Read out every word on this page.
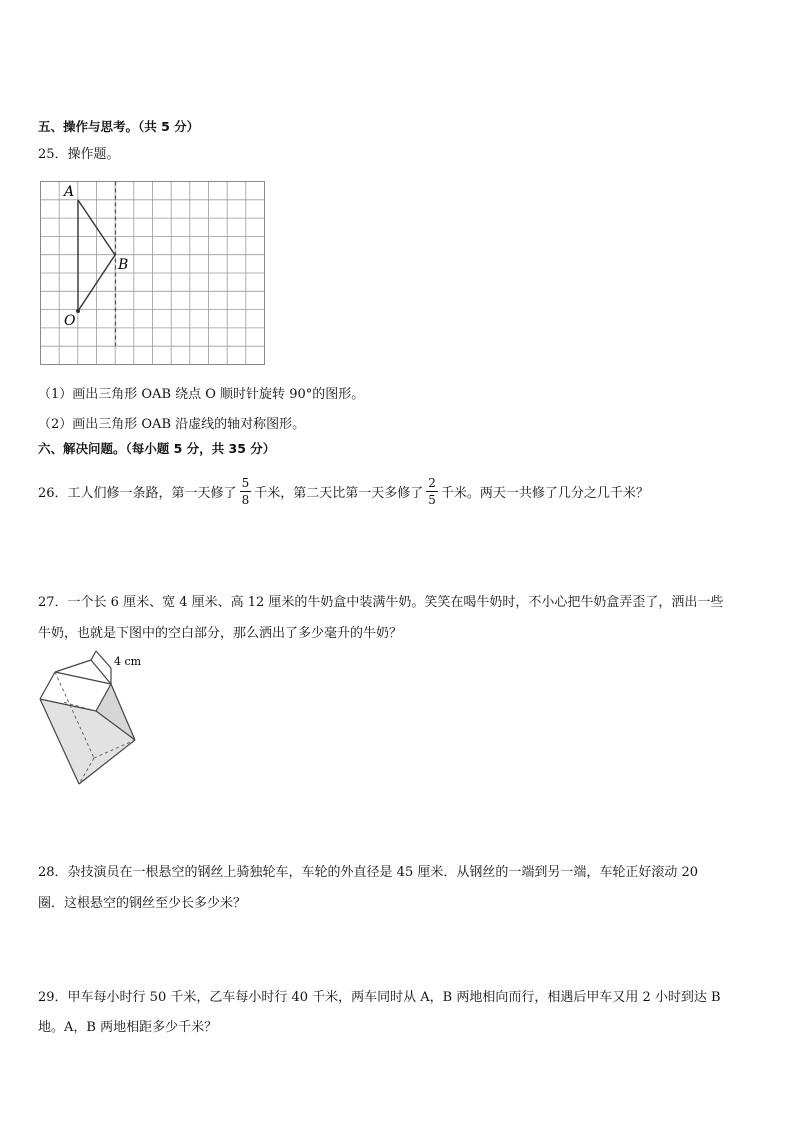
五、操作与思考。（共 5 分）
25．操作题。
A
B
O
（1）画出三角形 OAB 绕点 O 顺时针旋转 90°的图形。
（2）画出三角形 OAB 沿虚线的轴对称图形。
六、解决问题。（每小题 5 分，共 35 分）
26．工人们修一条路，第一天修了 $\frac{5}{8}$ 千米，第二天比第一天多修了 $\frac{2}{5}$ 千米。两天一共修了几分之几千米？
27．一个长 6 厘米、宽 4 厘米、高 12 厘米的牛奶盒中装满牛奶。笑笑在喝牛奶时，不小心把牛奶盒弄歪了，洒出一些
牛奶，也就是下图中的空白部分，那么洒出了多少毫升的牛奶？
4 cm
28．杂技演员在一根悬空的钢丝上骑独轮车，车轮的外直径是 45 厘米．从钢丝的一端到另一端，车轮正好滚动 20
圈．这根悬空的钢丝至少长多少米？
29．甲车每小时行 50 千米，乙车每小时行 40 千米，两车同时从 A，B 两地相向而行，相遇后甲车又用 2 小时到达 B
地。A，B 两地相距多少千米？
